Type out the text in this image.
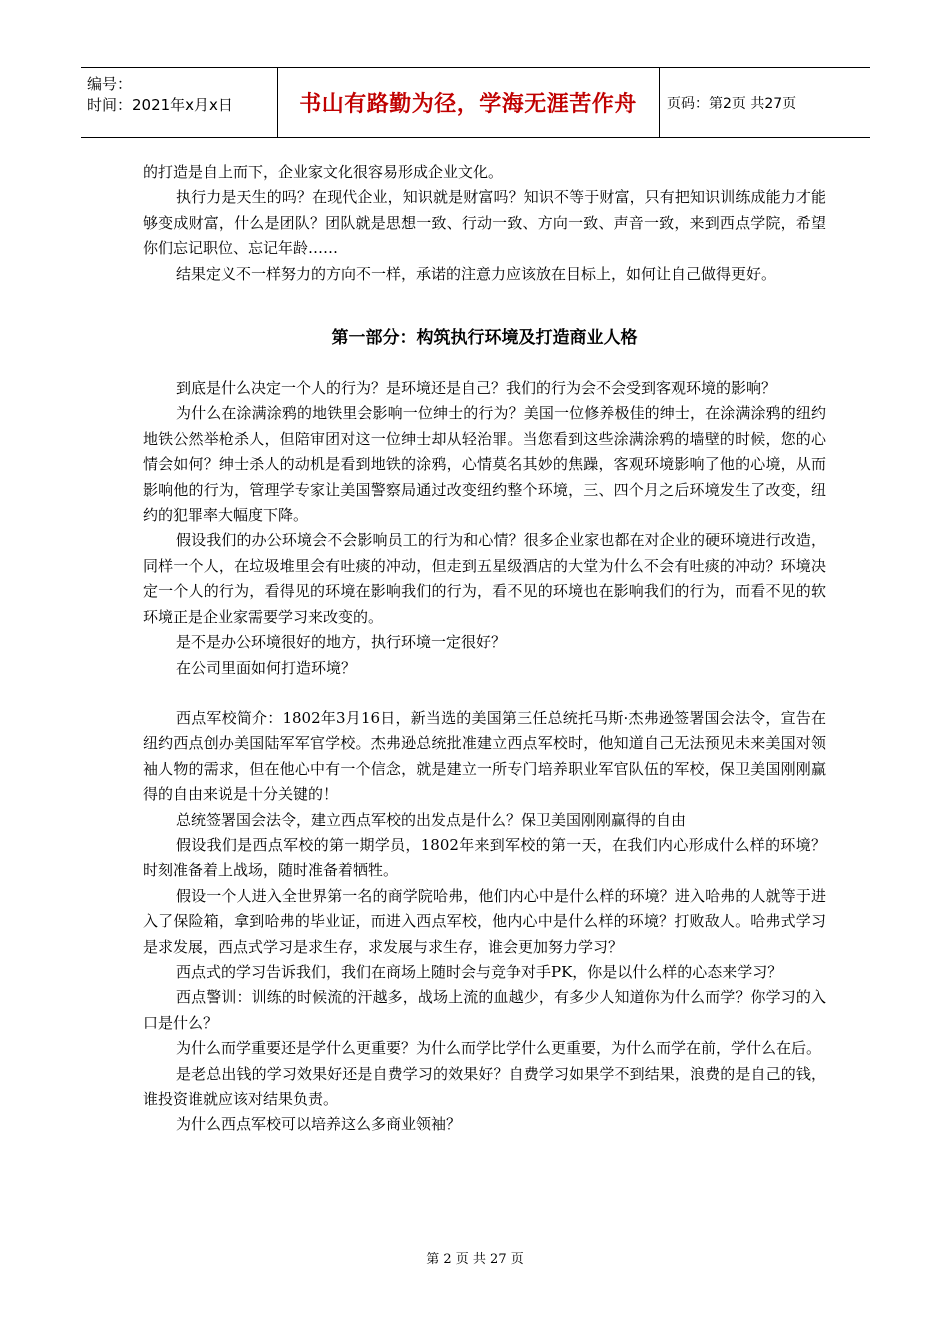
编号：
时间：2021年x月x日	书山有路勤为径，学海无涯苦作舟	页码：第2页 共27页

的打造是自上而下，企业家文化很容易形成企业文化。

执行力是天生的吗？在现代企业，知识就是财富吗？知识不等于财富，只有把知识训练成能力才能够变成财富，什么是团队？团队就是思想一致、行动一致、方向一致、声音一致，来到西点学院，希望你们忘记职位、忘记年龄……

结果定义不一样努力的方向不一样，承诺的注意力应该放在目标上，如何让自己做得更好。

第一部分：构筑执行环境及打造商业人格

到底是什么决定一个人的行为？是环境还是自己？我们的行为会不会受到客观环境的影响？

为什么在涂满涂鸦的地铁里会影响一位绅士的行为？美国一位修养极佳的绅士，在涂满涂鸦的纽约地铁公然举枪杀人，但陪审团对这一位绅士却从轻治罪。当您看到这些涂满涂鸦的墙壁的时候，您的心情会如何？绅士杀人的动机是看到地铁的涂鸦，心情莫名其妙的焦躁，客观环境影响了他的心境，从而影响他的行为，管理学专家让美国警察局通过改变纽约整个环境，三、四个月之后环境发生了改变，纽约的犯罪率大幅度下降。

假设我们的办公环境会不会影响员工的行为和心情？很多企业家也都在对企业的硬环境进行改造，同样一个人，在垃圾堆里会有吐痰的冲动，但走到五星级酒店的大堂为什么不会有吐痰的冲动？环境决定一个人的行为，看得见的环境在影响我们的行为，看不见的环境也在影响我们的行为，而看不见的软环境正是企业家需要学习来改变的。

是不是办公环境很好的地方，执行环境一定很好？

在公司里面如何打造环境？

西点军校简介：1802年3月16日，新当选的美国第三任总统托马斯·杰弗逊签署国会法令，宣告在纽约西点创办美国陆军军官学校。杰弗逊总统批准建立西点军校时，他知道自己无法预见未来美国对领袖人物的需求，但在他心中有一个信念，就是建立一所专门培养职业军官队伍的军校，保卫美国刚刚赢得的自由来说是十分关键的！

总统签署国会法令，建立西点军校的出发点是什么？保卫美国刚刚赢得的自由

假设我们是西点军校的第一期学员，1802年来到军校的第一天，在我们内心形成什么样的环境？时刻准备着上战场，随时准备着牺牲。

假设一个人进入全世界第一名的商学院哈弗，他们内心中是什么样的环境？进入哈弗的人就等于进入了保险箱，拿到哈弗的毕业证，而进入西点军校，他内心中是什么样的环境？打败敌人。哈弗式学习是求发展，西点式学习是求生存，求发展与求生存，谁会更加努力学习？

西点式的学习告诉我们，我们在商场上随时会与竞争对手PK，你是以什么样的心态来学习？

西点警训：训练的时候流的汗越多，战场上流的血越少，有多少人知道你为什么而学？你学习的入口是什么？

为什么而学重要还是学什么更重要？为什么而学比学什么更重要，为什么而学在前，学什么在后。

是老总出钱的学习效果好还是自费学习的效果好？自费学习如果学不到结果，浪费的是自己的钱，谁投资谁就应该对结果负责。

为什么西点军校可以培养这么多商业领袖？

第 2 页 共 27 页
